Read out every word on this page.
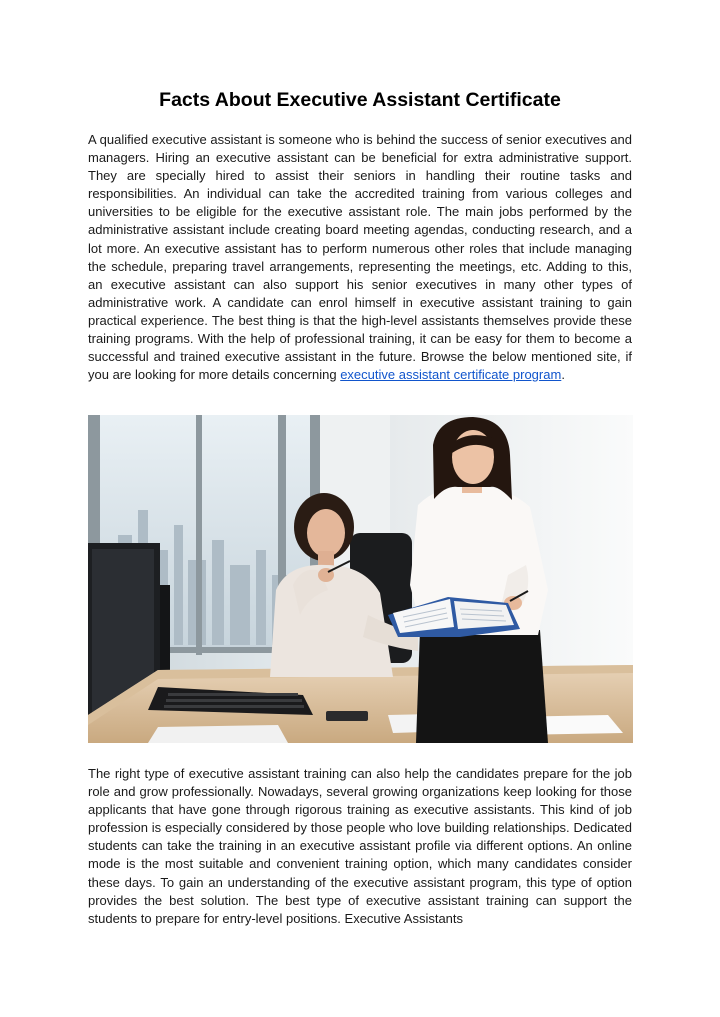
Facts About Executive Assistant Certificate

A qualified executive assistant is someone who is behind the success of senior executives and managers. Hiring an executive assistant can be beneficial for extra administrative support. They are specially hired to assist their seniors in handling their routine tasks and responsibilities. An individual can take the accredited training from various colleges and universities to be eligible for the executive assistant role. The main jobs performed by the administrative assistant include creating board meeting agendas, conducting research, and a lot more. An executive assistant has to perform numerous other roles that include managing the schedule, preparing travel arrangements, representing the meetings, etc. Adding to this, an executive assistant can also support his senior executives in many other types of administrative work. A candidate can enrol himself in executive assistant training to gain practical experience. The best thing is that the high-level assistants themselves provide these training programs. With the help of professional training, it can be easy for them to become a successful and trained executive assistant in the future. Browse the below mentioned site, if you are looking for more details concerning executive assistant certificate program.

The right type of executive assistant training can also help the candidates prepare for the job role and grow professionally. Nowadays, several growing organizations keep looking for those applicants that have gone through rigorous training as executive assistants. This kind of job profession is especially considered by those people who love building relationships. Dedicated students can take the training in an executive assistant profile via different options. An online mode is the most suitable and convenient training option, which many candidates consider these days. To gain an understanding of the executive assistant program, this type of option provides the best solution. The best type of executive assistant training can support the students to prepare for entry-level positions. Executive Assistants
